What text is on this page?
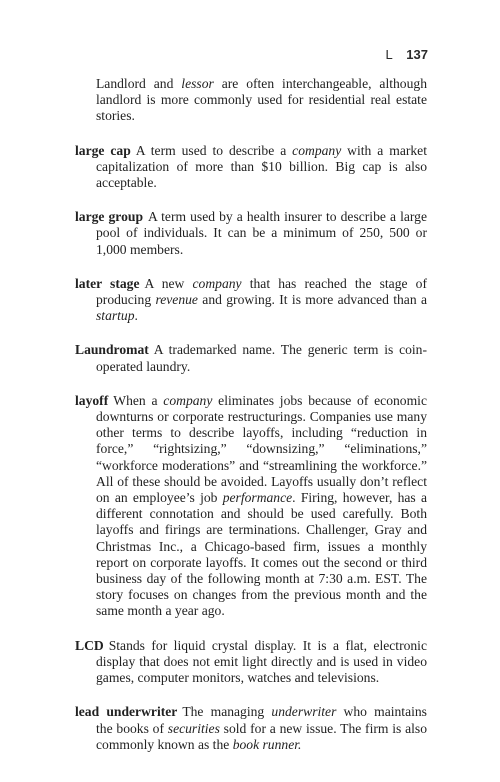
L 137

Landlord and lessor are often interchangeable, although landlord is more commonly used for residential real estate stories.

large cap A term used to describe a company with a market capitalization of more than $10 billion. Big cap is also acceptable.

large group A term used by a health insurer to describe a large pool of individuals. It can be a minimum of 250, 500 or 1,000 members.

later stage A new company that has reached the stage of producing revenue and growing. It is more advanced than a startup.

Laundromat A trademarked name. The generic term is coin-operated laundry.

layoff When a company eliminates jobs because of economic downturns or corporate restructurings. Companies use many other terms to describe layoffs, including “reduction in force,” “rightsizing,” “downsizing,” “eliminations,” “workforce moderations” and “streamlining the workforce.” All of these should be avoided. Layoffs usually don’t reflect on an employee’s job performance. Firing, however, has a different connotation and should be used carefully. Both layoffs and firings are terminations. Challenger, Gray and Christmas Inc., a Chicago-based firm, issues a monthly report on corporate layoffs. It comes out the second or third business day of the following month at 7:30 a.m. EST. The story focuses on changes from the previous month and the same month a year ago.

LCD Stands for liquid crystal display. It is a flat, electronic display that does not emit light directly and is used in video games, computer monitors, watches and televisions.

lead underwriter The managing underwriter who maintains the books of securities sold for a new issue. The firm is also commonly known as the book runner.
